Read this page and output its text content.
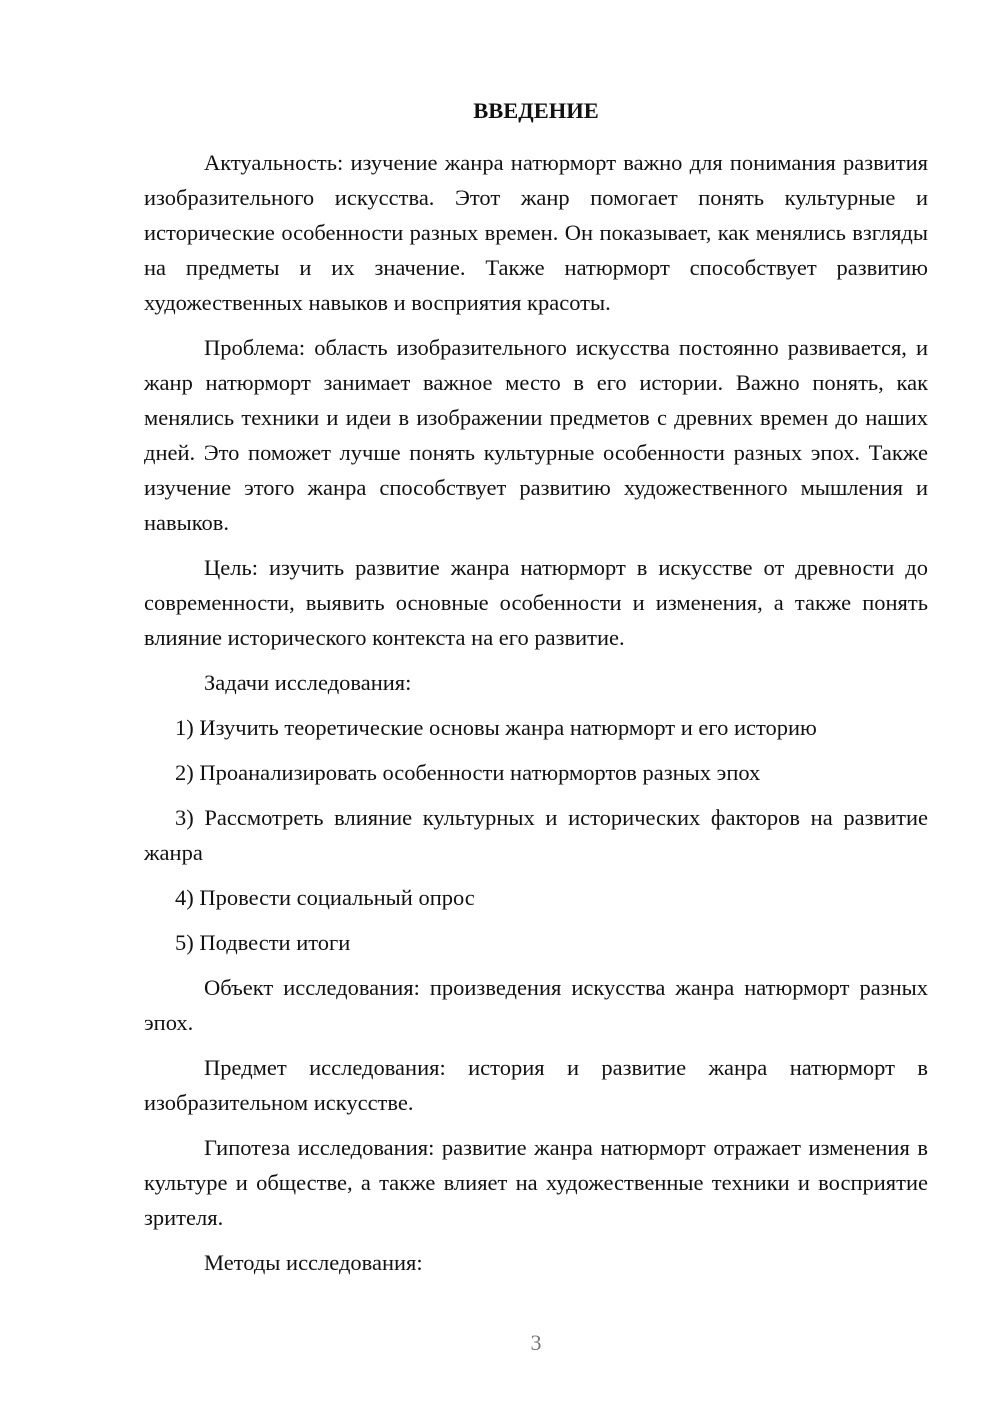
ВВЕДЕНИЕ

Актуальность: изучение жанра натюрморт важно для понимания развития изобразительного искусства. Этот жанр помогает понять культурные и исторические особенности разных времен. Он показывает, как менялись взгляды на предметы и их значение. Также натюрморт способствует развитию художественных навыков и восприятия красоты.

Проблема: область изобразительного искусства постоянно развивается, и жанр натюрморт занимает важное место в его истории. Важно понять, как менялись техники и идеи в изображении предметов с древних времен до наших дней. Это поможет лучше понять культурные особенности разных эпох. Также изучение этого жанра способствует развитию художественного мышления и навыков.

Цель: изучить развитие жанра натюрморт в искусстве от древности до современности, выявить основные особенности и изменения, а также понять влияние исторического контекста на его развитие.

Задачи исследования:

1) Изучить теоретические основы жанра натюрморт и его историю

2) Проанализировать особенности натюрмортов разных эпох

3) Рассмотреть влияние культурных и исторических факторов на развитие жанра

4) Провести социальный опрос

5) Подвести итоги

Объект исследования: произведения искусства жанра натюрморт разных эпох.

Предмет исследования: история и развитие жанра натюрморт в изобразительном искусстве.

Гипотеза исследования: развитие жанра натюрморт отражает изменения в культуре и обществе, а также влияет на художественные техники и восприятие зрителя.

Методы исследования:

3
